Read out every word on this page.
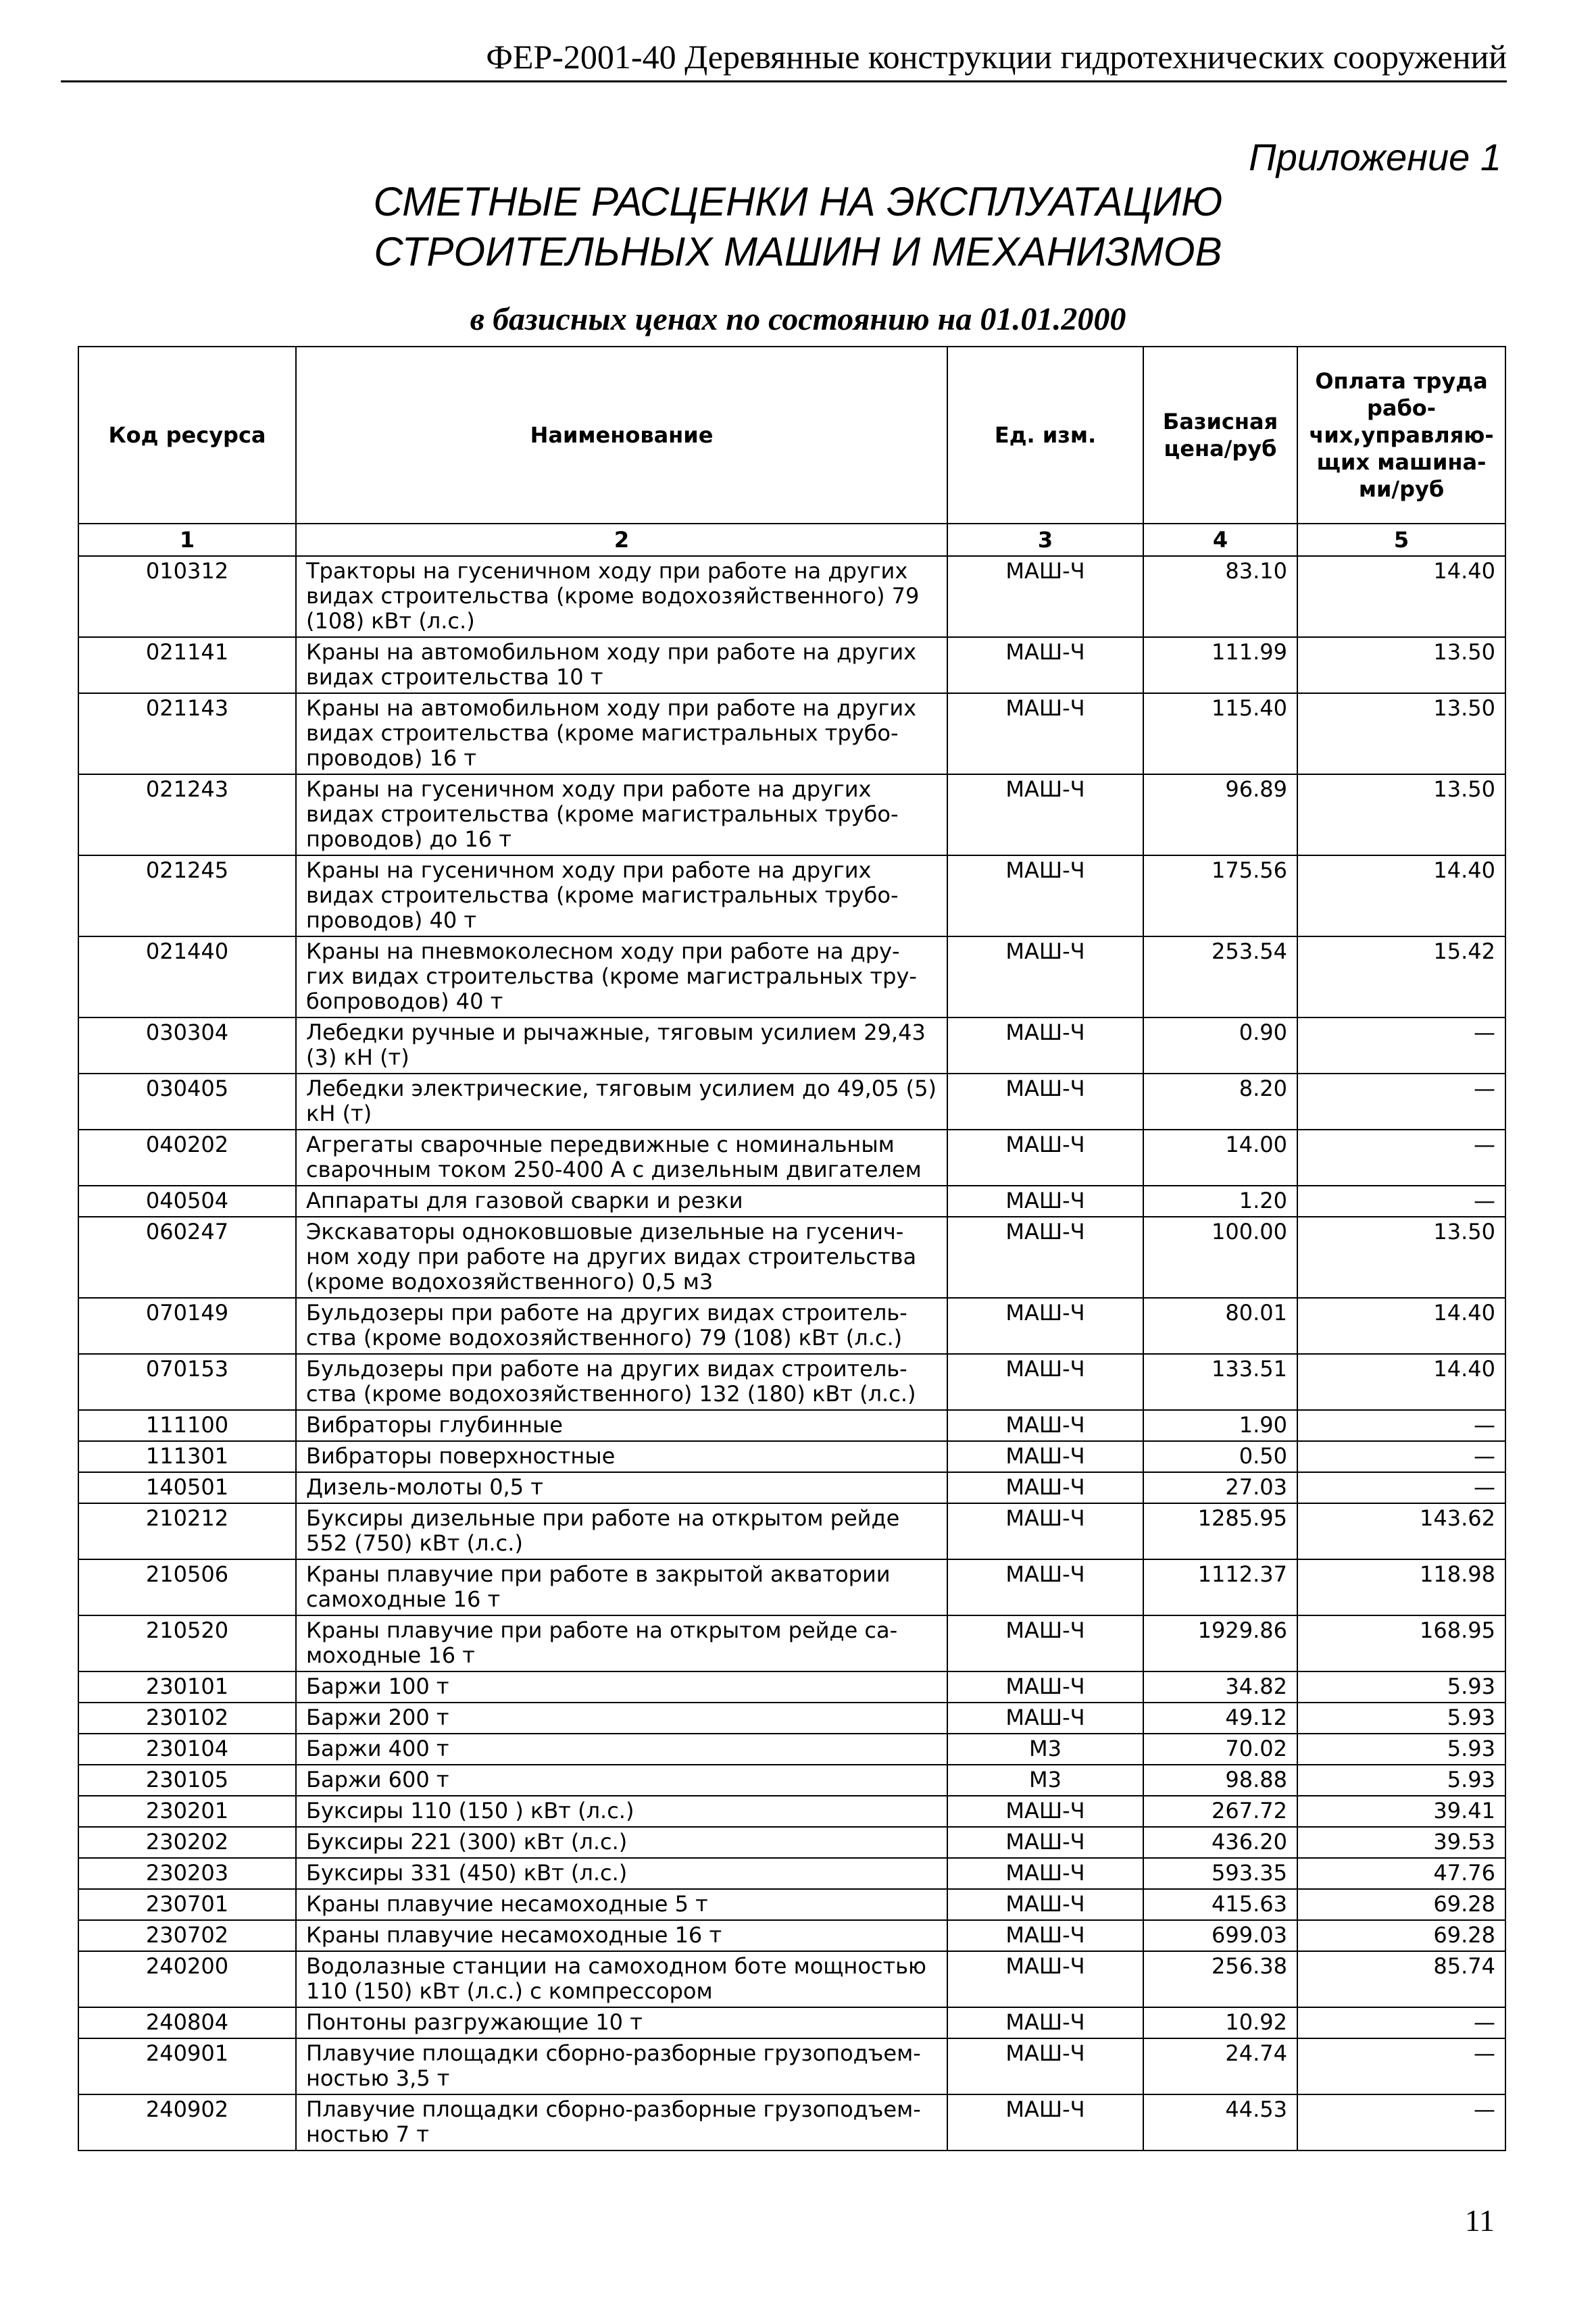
ФЕР-2001-40 Деревянные конструкции гидротехнических сооружений
Приложение 1
СМЕТНЫЕ РАСЦЕНКИ НА ЭКСПЛУАТАЦИЮ
СТРОИТЕЛЬНЫХ МАШИН И МЕХАНИЗМОВ
в базисных ценах по состоянию на 01.01.2000
Код ресурса	Наименование	Ед. изм.	Базисная цена/руб	Оплата труда рабо-чих,управляю-щих машина-ми/руб
1	2	3	4	5
010312	Тракторы на гусеничном ходу при работе на других видах строительства (кроме водохозяйственного) 79 (108) кВт (л.с.)	МАШ-Ч	83.10	14.40
021141	Краны на автомобильном ходу при работе на других видах строительства 10 т	МАШ-Ч	111.99	13.50
021143	Краны на автомобильном ходу при работе на других видах строительства (кроме магистральных трубо-проводов) 16 т	МАШ-Ч	115.40	13.50
021243	Краны на гусеничном ходу при работе на других видах строительства (кроме магистральных трубо-проводов) до 16 т	МАШ-Ч	96.89	13.50
021245	Краны на гусеничном ходу при работе на других видах строительства (кроме магистральных трубо-проводов) 40 т	МАШ-Ч	175.56	14.40
021440	Краны на пневмоколесном ходу при работе на дру-гих видах строительства (кроме магистральных тру-бопроводов) 40 т	МАШ-Ч	253.54	15.42
030304	Лебедки ручные и рычажные, тяговым усилием 29,43 (3) кН (т)	МАШ-Ч	0.90	—
030405	Лебедки электрические, тяговым усилием до 49,05 (5) кН (т)	МАШ-Ч	8.20	—
040202	Агрегаты сварочные передвижные с номинальным сварочным током 250-400 А с дизельным двигателем	МАШ-Ч	14.00	—
040504	Аппараты для газовой сварки и резки	МАШ-Ч	1.20	—
060247	Экскаваторы одноковшовые дизельные на гусенич-ном ходу при работе на других видах строительства (кроме водохозяйственного) 0,5 м3	МАШ-Ч	100.00	13.50
070149	Бульдозеры при работе на других видах строитель-ства (кроме водохозяйственного) 79 (108) кВт (л.с.)	МАШ-Ч	80.01	14.40
070153	Бульдозеры при работе на других видах строитель-ства (кроме водохозяйственного) 132 (180) кВт (л.с.)	МАШ-Ч	133.51	14.40
111100	Вибраторы глубинные	МАШ-Ч	1.90	—
111301	Вибраторы поверхностные	МАШ-Ч	0.50	—
140501	Дизель-молоты 0,5 т	МАШ-Ч	27.03	—
210212	Буксиры дизельные при работе на открытом рейде 552 (750) кВт (л.с.)	МАШ-Ч	1285.95	143.62
210506	Краны плавучие при работе в закрытой акватории самоходные 16 т	МАШ-Ч	1112.37	118.98
210520	Краны плавучие при работе на открытом рейде са-моходные 16 т	МАШ-Ч	1929.86	168.95
230101	Баржи 100 т	МАШ-Ч	34.82	5.93
230102	Баржи 200 т	МАШ-Ч	49.12	5.93
230104	Баржи 400 т	М3	70.02	5.93
230105	Баржи 600 т	М3	98.88	5.93
230201	Буксиры 110 (150 ) кВт (л.с.)	МАШ-Ч	267.72	39.41
230202	Буксиры 221 (300) кВт (л.с.)	МАШ-Ч	436.20	39.53
230203	Буксиры 331 (450) кВт (л.с.)	МАШ-Ч	593.35	47.76
230701	Краны плавучие несамоходные 5 т	МАШ-Ч	415.63	69.28
230702	Краны плавучие несамоходные 16 т	МАШ-Ч	699.03	69.28
240200	Водолазные станции на самоходном боте мощностью 110 (150) кВт (л.с.) с компрессором	МАШ-Ч	256.38	85.74
240804	Понтоны разгружающие 10 т	МАШ-Ч	10.92	—
240901	Плавучие площадки сборно-разборные грузоподъем-ностью 3,5 т	МАШ-Ч	24.74	—
240902	Плавучие площадки сборно-разборные грузоподъем-ностью 7 т	МАШ-Ч	44.53	—
11
